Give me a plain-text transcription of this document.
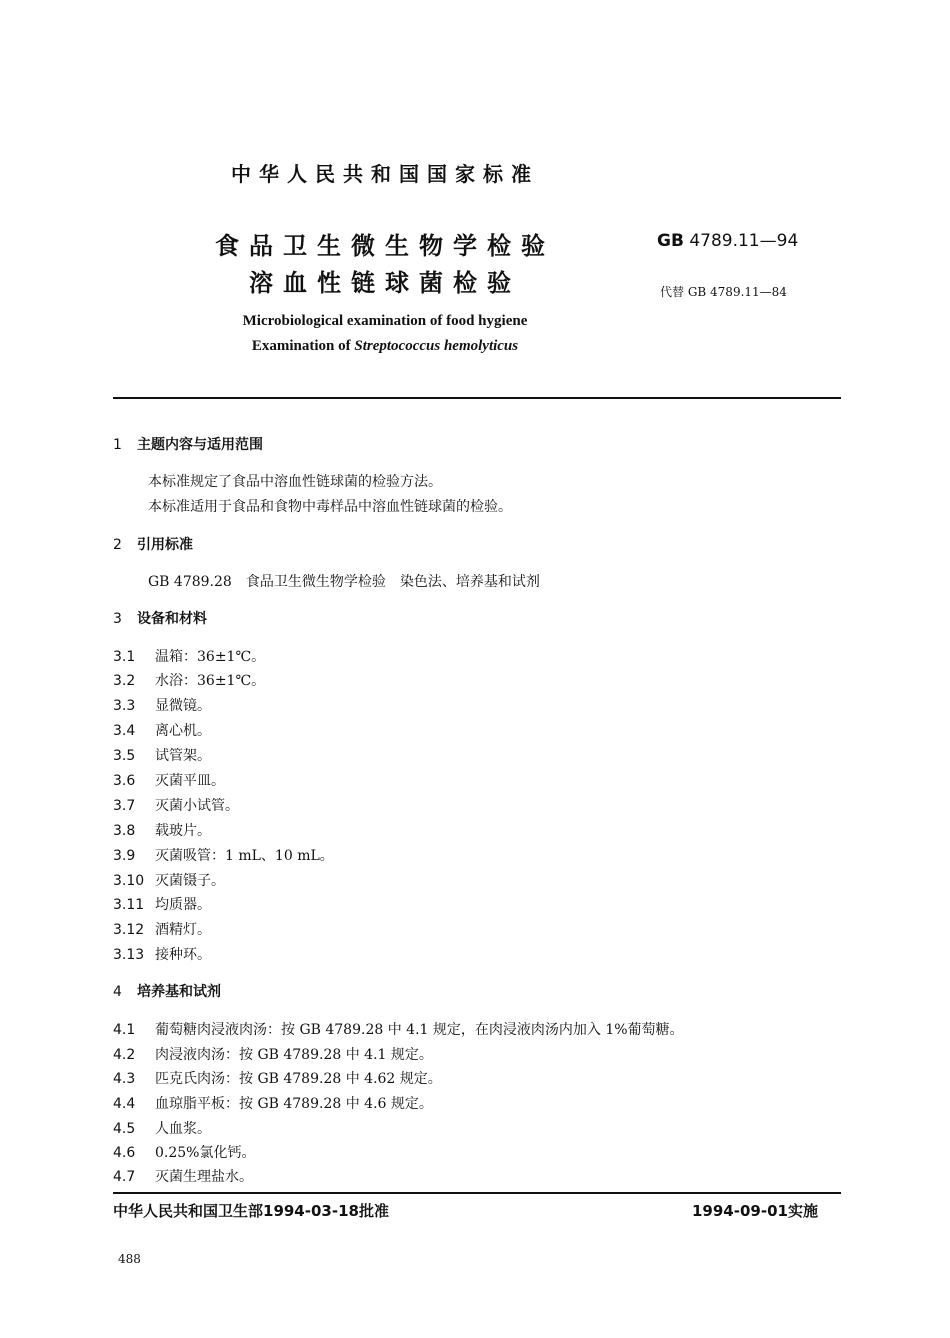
中华人民共和国国家标准
食品卫生微生物学检验
溶血性链球菌检验
GB 4789.11—94
代替 GB 4789.11—84
Microbiological examination of food hygiene
Examination of Streptococcus hemolyticus
1 主题内容与适用范围
本标准规定了食品中溶血性链球菌的检验方法。
本标准适用于食品和食物中毒样品中溶血性链球菌的检验。
2 引用标准
GB 4789.28　食品卫生微生物学检验　染色法、培养基和试剂
3 设备和材料
3.1 温箱：36±1℃。
3.2 水浴：36±1℃。
3.3 显微镜。
3.4 离心机。
3.5 试管架。
3.6 灭菌平皿。
3.7 灭菌小试管。
3.8 载玻片。
3.9 灭菌吸管：1 mL、10 mL。
3.10 灭菌镊子。
3.11 均质器。
3.12 酒精灯。
3.13 接种环。
4 培养基和试剂
4.1 葡萄糖肉浸液肉汤：按 GB 4789.28 中 4.1 规定，在肉浸液肉汤内加入 1%葡萄糖。
4.2 肉浸液肉汤：按 GB 4789.28 中 4.1 规定。
4.3 匹克氏肉汤：按 GB 4789.28 中 4.62 规定。
4.4 血琼脂平板：按 GB 4789.28 中 4.6 规定。
4.5 人血浆。
4.6 0.25%氯化钙。
4.7 灭菌生理盐水。
中华人民共和国卫生部1994-03-18批准	1994-09-01实施
488
